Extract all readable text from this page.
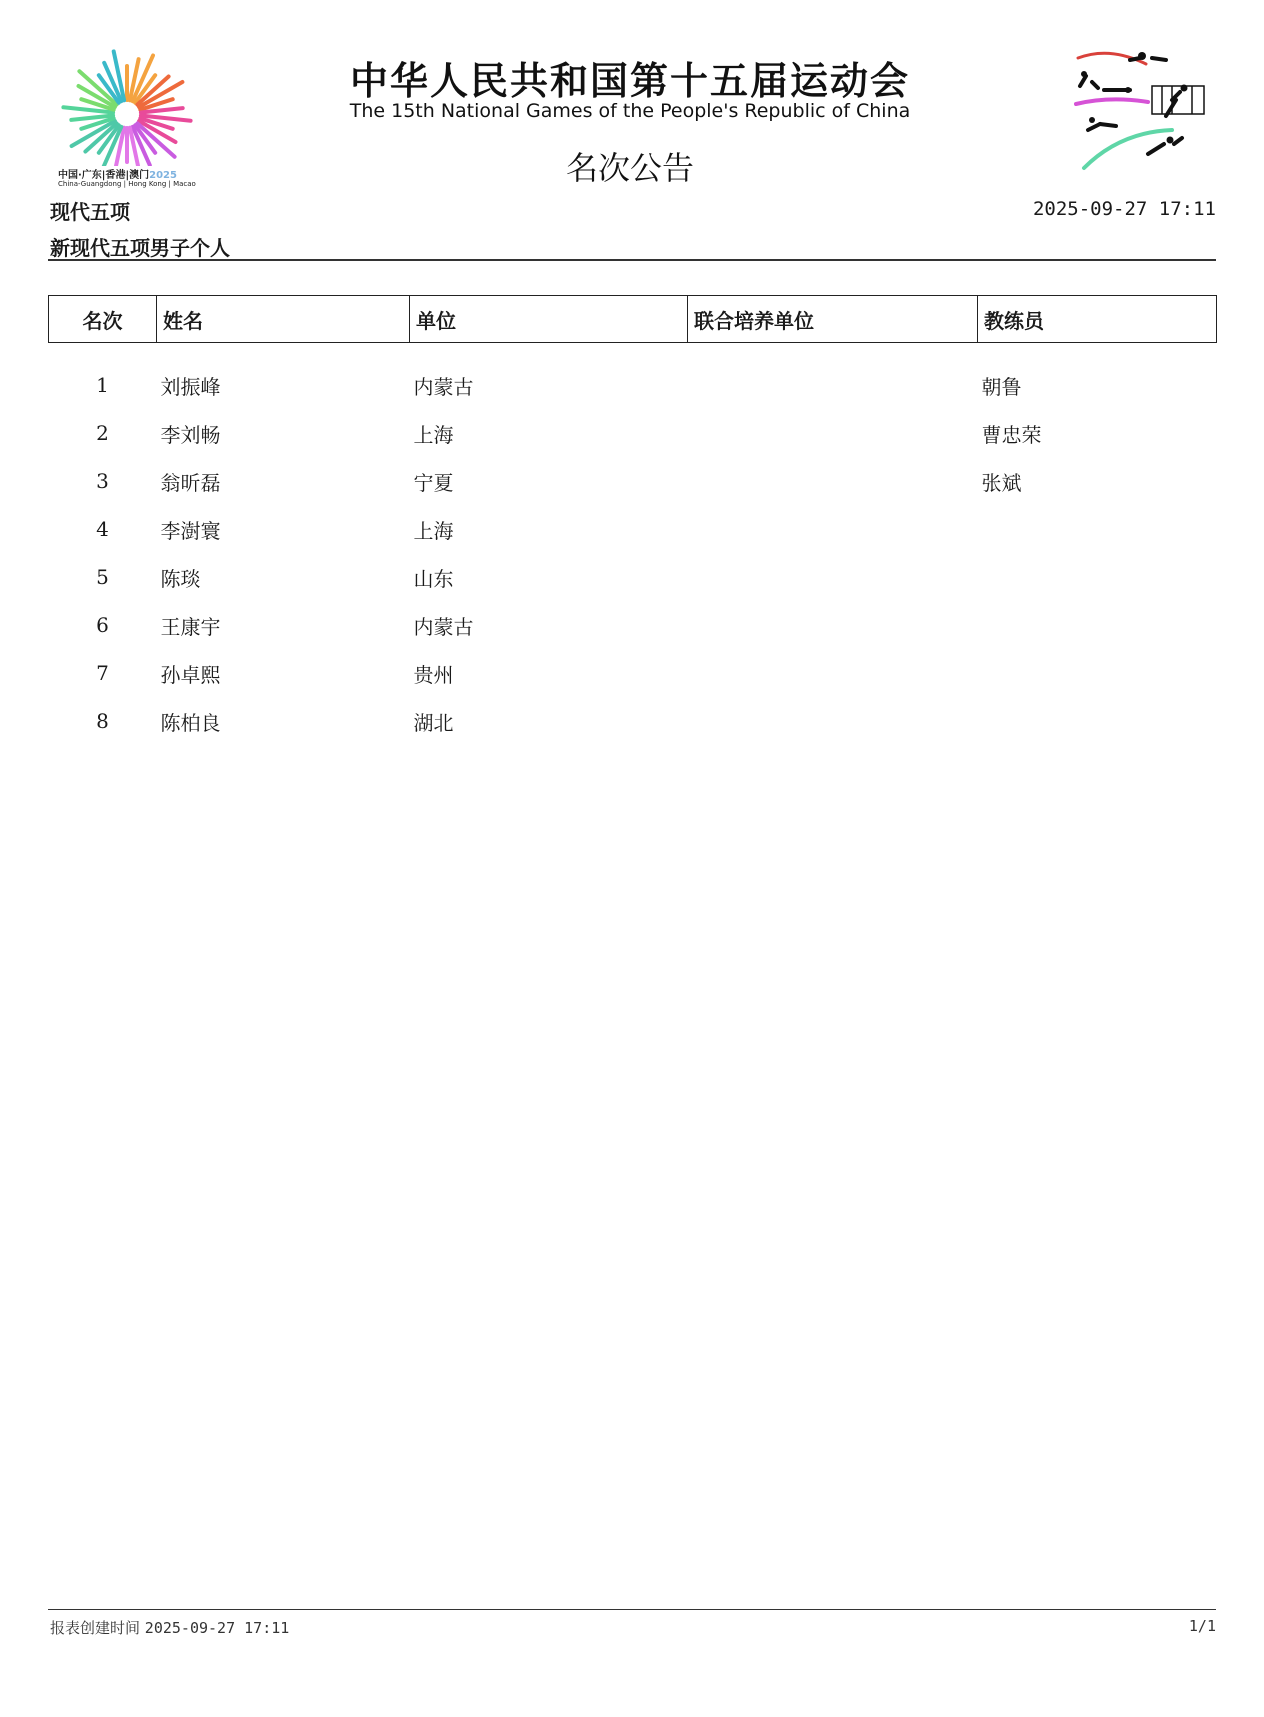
中国·广东|香港|澳门2025
China-Guangdong | Hong Kong | Macao
中华人民共和国第十五届运动会
The 15th National Games of the People's Republic of China
名次公告
现代五项
新现代五项男子个人
2025-09-27 17:11
名次	姓名	单位	联合培养单位	教练员

1	刘振峰	内蒙古		朝鲁
2	李刘畅	上海		曹忠荣
3	翁昕磊	宁夏		张斌
4	李澍寰	上海		
5	陈琰	山东		
6	王康宇	内蒙古		
7	孙卓熙	贵州		
8	陈柏良	湖北		
报表创建时间 2025-09-27 17:11	1/1
